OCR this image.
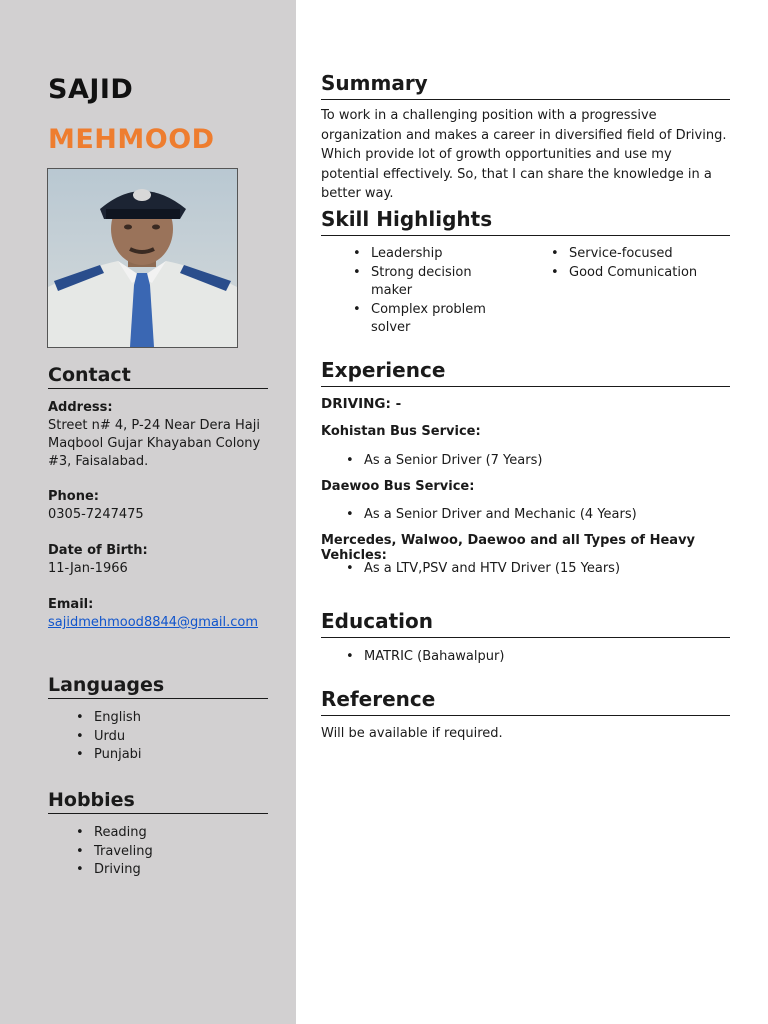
SAJID
MEHMOOD
Contact
Address:
Street n# 4, P-24 Near Dera Haji Maqbool Gujar Khayaban Colony #3, Faisalabad.
Phone:
0305-7247475
Date of Birth:
11-Jan-1966
Email:
sajidmehmood8844@gmail.com
Languages
• English
• Urdu
• Punjabi
Hobbies
• Reading
• Traveling
• Driving
Summary

To work in a challenging position with a progressive organization and makes a career in diversified field of Driving. Which provide lot of growth opportunities and use my potential effectively. So, that I can share the knowledge in a better way.

Skill Highlights
• Leadership
• Strong decision maker
• Complex problem solver
• Service-focused
• Good Comunication
Experience

DRIVING: -

Kohistan Bus Service:

• As a Senior Driver (7 Years)

Daewoo Bus Service:

• As a Senior Driver and Mechanic (4 Years)

Mercedes, Walwoo, Daewoo and all Types of Heavy Vehicles:

• As a LTV,PSV and HTV Driver (15 Years)
Education
• MATRIC (Bahawalpur)
Reference

Will be available if required.
